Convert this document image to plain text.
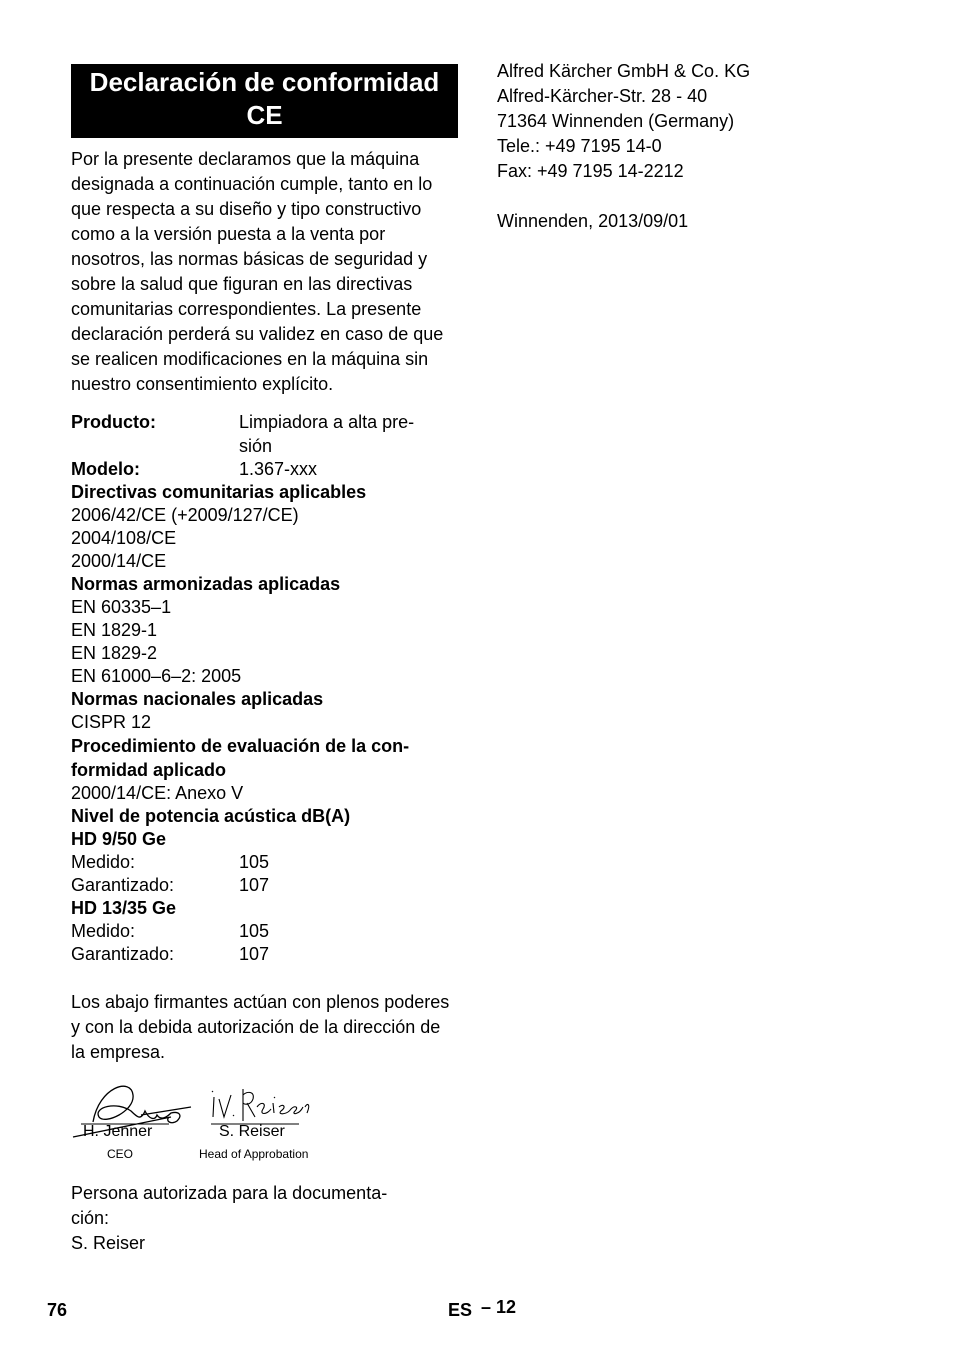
Declaración de conformidad CE
Por la presente declaramos que la máquina designada a continuación cumple, tanto en lo que respecta a su diseño y tipo constructivo como a la versión puesta a la venta por nosotros, las normas básicas de seguridad y sobre la salud que figuran en las directivas comunitarias correspondientes. La presente declaración perderá su validez en caso de que se realicen modificaciones en la máquina sin nuestro consentimiento explícito.
Producto:	Limpiadora a alta pre-
sión
Modelo:	1.367-xxx
Directivas comunitarias aplicables
2006/42/CE (+2009/127/CE)
2004/108/CE
2000/14/CE
Normas armonizadas aplicadas
EN 60335–1
EN 1829-1
EN 1829-2
EN 61000–6–2: 2005
Normas nacionales aplicadas
CISPR 12
Procedimiento de evaluación de la con-
formidad aplicado
2000/14/CE: Anexo V
Nivel de potencia acústica dB(A)
HD 9/50 Ge
Medido:	105
Garantizado:	107
HD 13/35 Ge
Medido:	105
Garantizado:	107
Los abajo firmantes actúan con plenos poderes y con la debida autorización de la dirección de la empresa.
H. Jenner
CEO
S. Reiser
Head of Approbation
Persona autorizada para la documenta-
ción:
S. Reiser
Alfred Kärcher GmbH & Co. KG
Alfred-Kärcher-Str. 28 - 40
71364 Winnenden (Germany)
Tele.: +49 7195 14-0
Fax: +49 7195 14-2212
Winnenden, 2013/09/01
76	ES – 12
